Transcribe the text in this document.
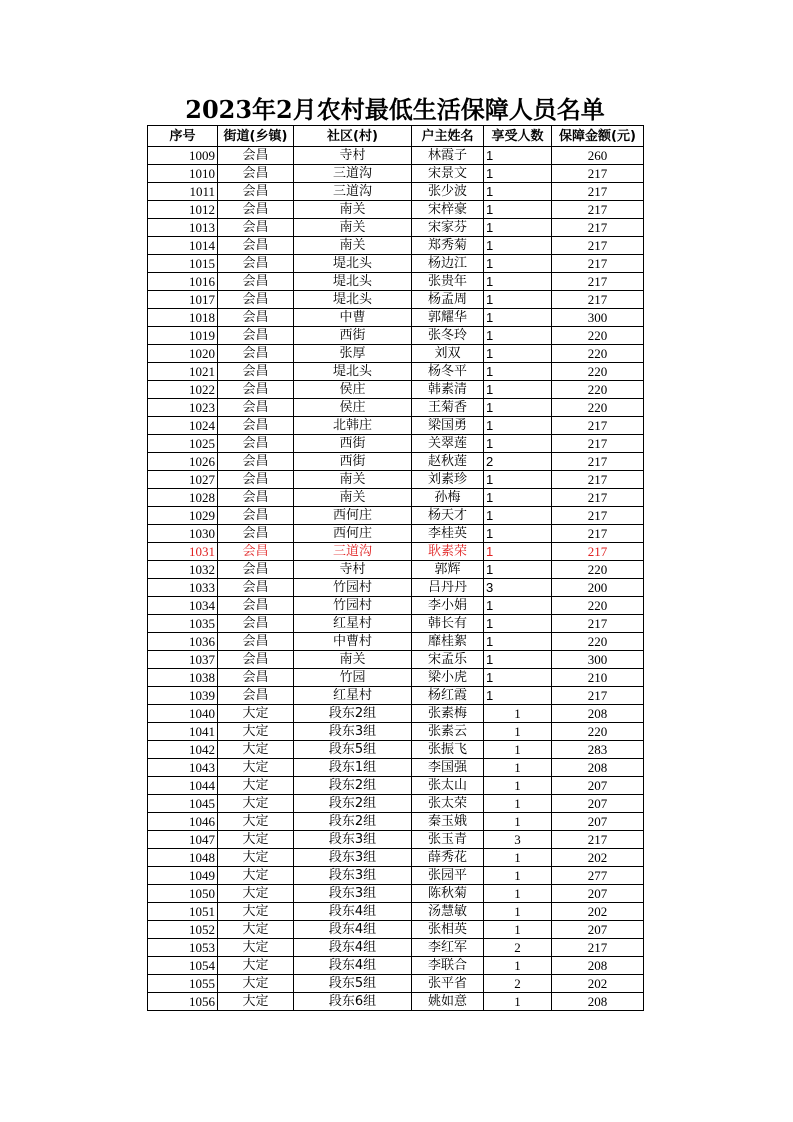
2023年2月农村最低生活保障人员名单
序号	街道(乡镇)	社区(村)	户主姓名	享受人数	保障金额(元)
1009	会昌	寺村	林霞子	1	260
1010	会昌	三道沟	宋景文	1	217
1011	会昌	三道沟	张少波	1	217
1012	会昌	南关	宋梓豪	1	217
1013	会昌	南关	宋家芬	1	217
1014	会昌	南关	郑秀菊	1	217
1015	会昌	堤北头	杨边江	1	217
1016	会昌	堤北头	张贵年	1	217
1017	会昌	堤北头	杨孟周	1	217
1018	会昌	中曹	郭耀华	1	300
1019	会昌	西街	张冬玲	1	220
1020	会昌	张厚	刘双	1	220
1021	会昌	堤北头	杨冬平	1	220
1022	会昌	侯庄	韩素清	1	220
1023	会昌	侯庄	王菊香	1	220
1024	会昌	北韩庄	梁国勇	1	217
1025	会昌	西街	关翠莲	1	217
1026	会昌	西街	赵秋莲	2	217
1027	会昌	南关	刘素珍	1	217
1028	会昌	南关	孙梅	1	217
1029	会昌	西何庄	杨天才	1	217
1030	会昌	西何庄	李桂英	1	217
1031	会昌	三道沟	耿素荣	1	217
1032	会昌	寺村	郭辉	1	220
1033	会昌	竹园村	吕丹丹	3	200
1034	会昌	竹园村	李小娟	1	220
1035	会昌	红星村	韩长有	1	217
1036	会昌	中曹村	靡桂絮	1	220
1037	会昌	南关	宋孟乐	1	300
1038	会昌	竹园	梁小虎	1	210
1039	会昌	红星村	杨红霞	1	217
1040	大定	段东2组	张素梅	1	208
1041	大定	段东3组	张素云	1	220
1042	大定	段东5组	张振飞	1	283
1043	大定	段东1组	李国强	1	208
1044	大定	段东2组	张太山	1	207
1045	大定	段东2组	张太荣	1	207
1046	大定	段东2组	秦玉娥	1	207
1047	大定	段东3组	张玉青	3	217
1048	大定	段东3组	薛秀花	1	202
1049	大定	段东3组	张园平	1	277
1050	大定	段东3组	陈秋菊	1	207
1051	大定	段东4组	汤慧敏	1	202
1052	大定	段东4组	张相英	1	207
1053	大定	段东4组	李红军	2	217
1054	大定	段东4组	李联合	1	208
1055	大定	段东5组	张平省	2	202
1056	大定	段东6组	姚如意	1	208
